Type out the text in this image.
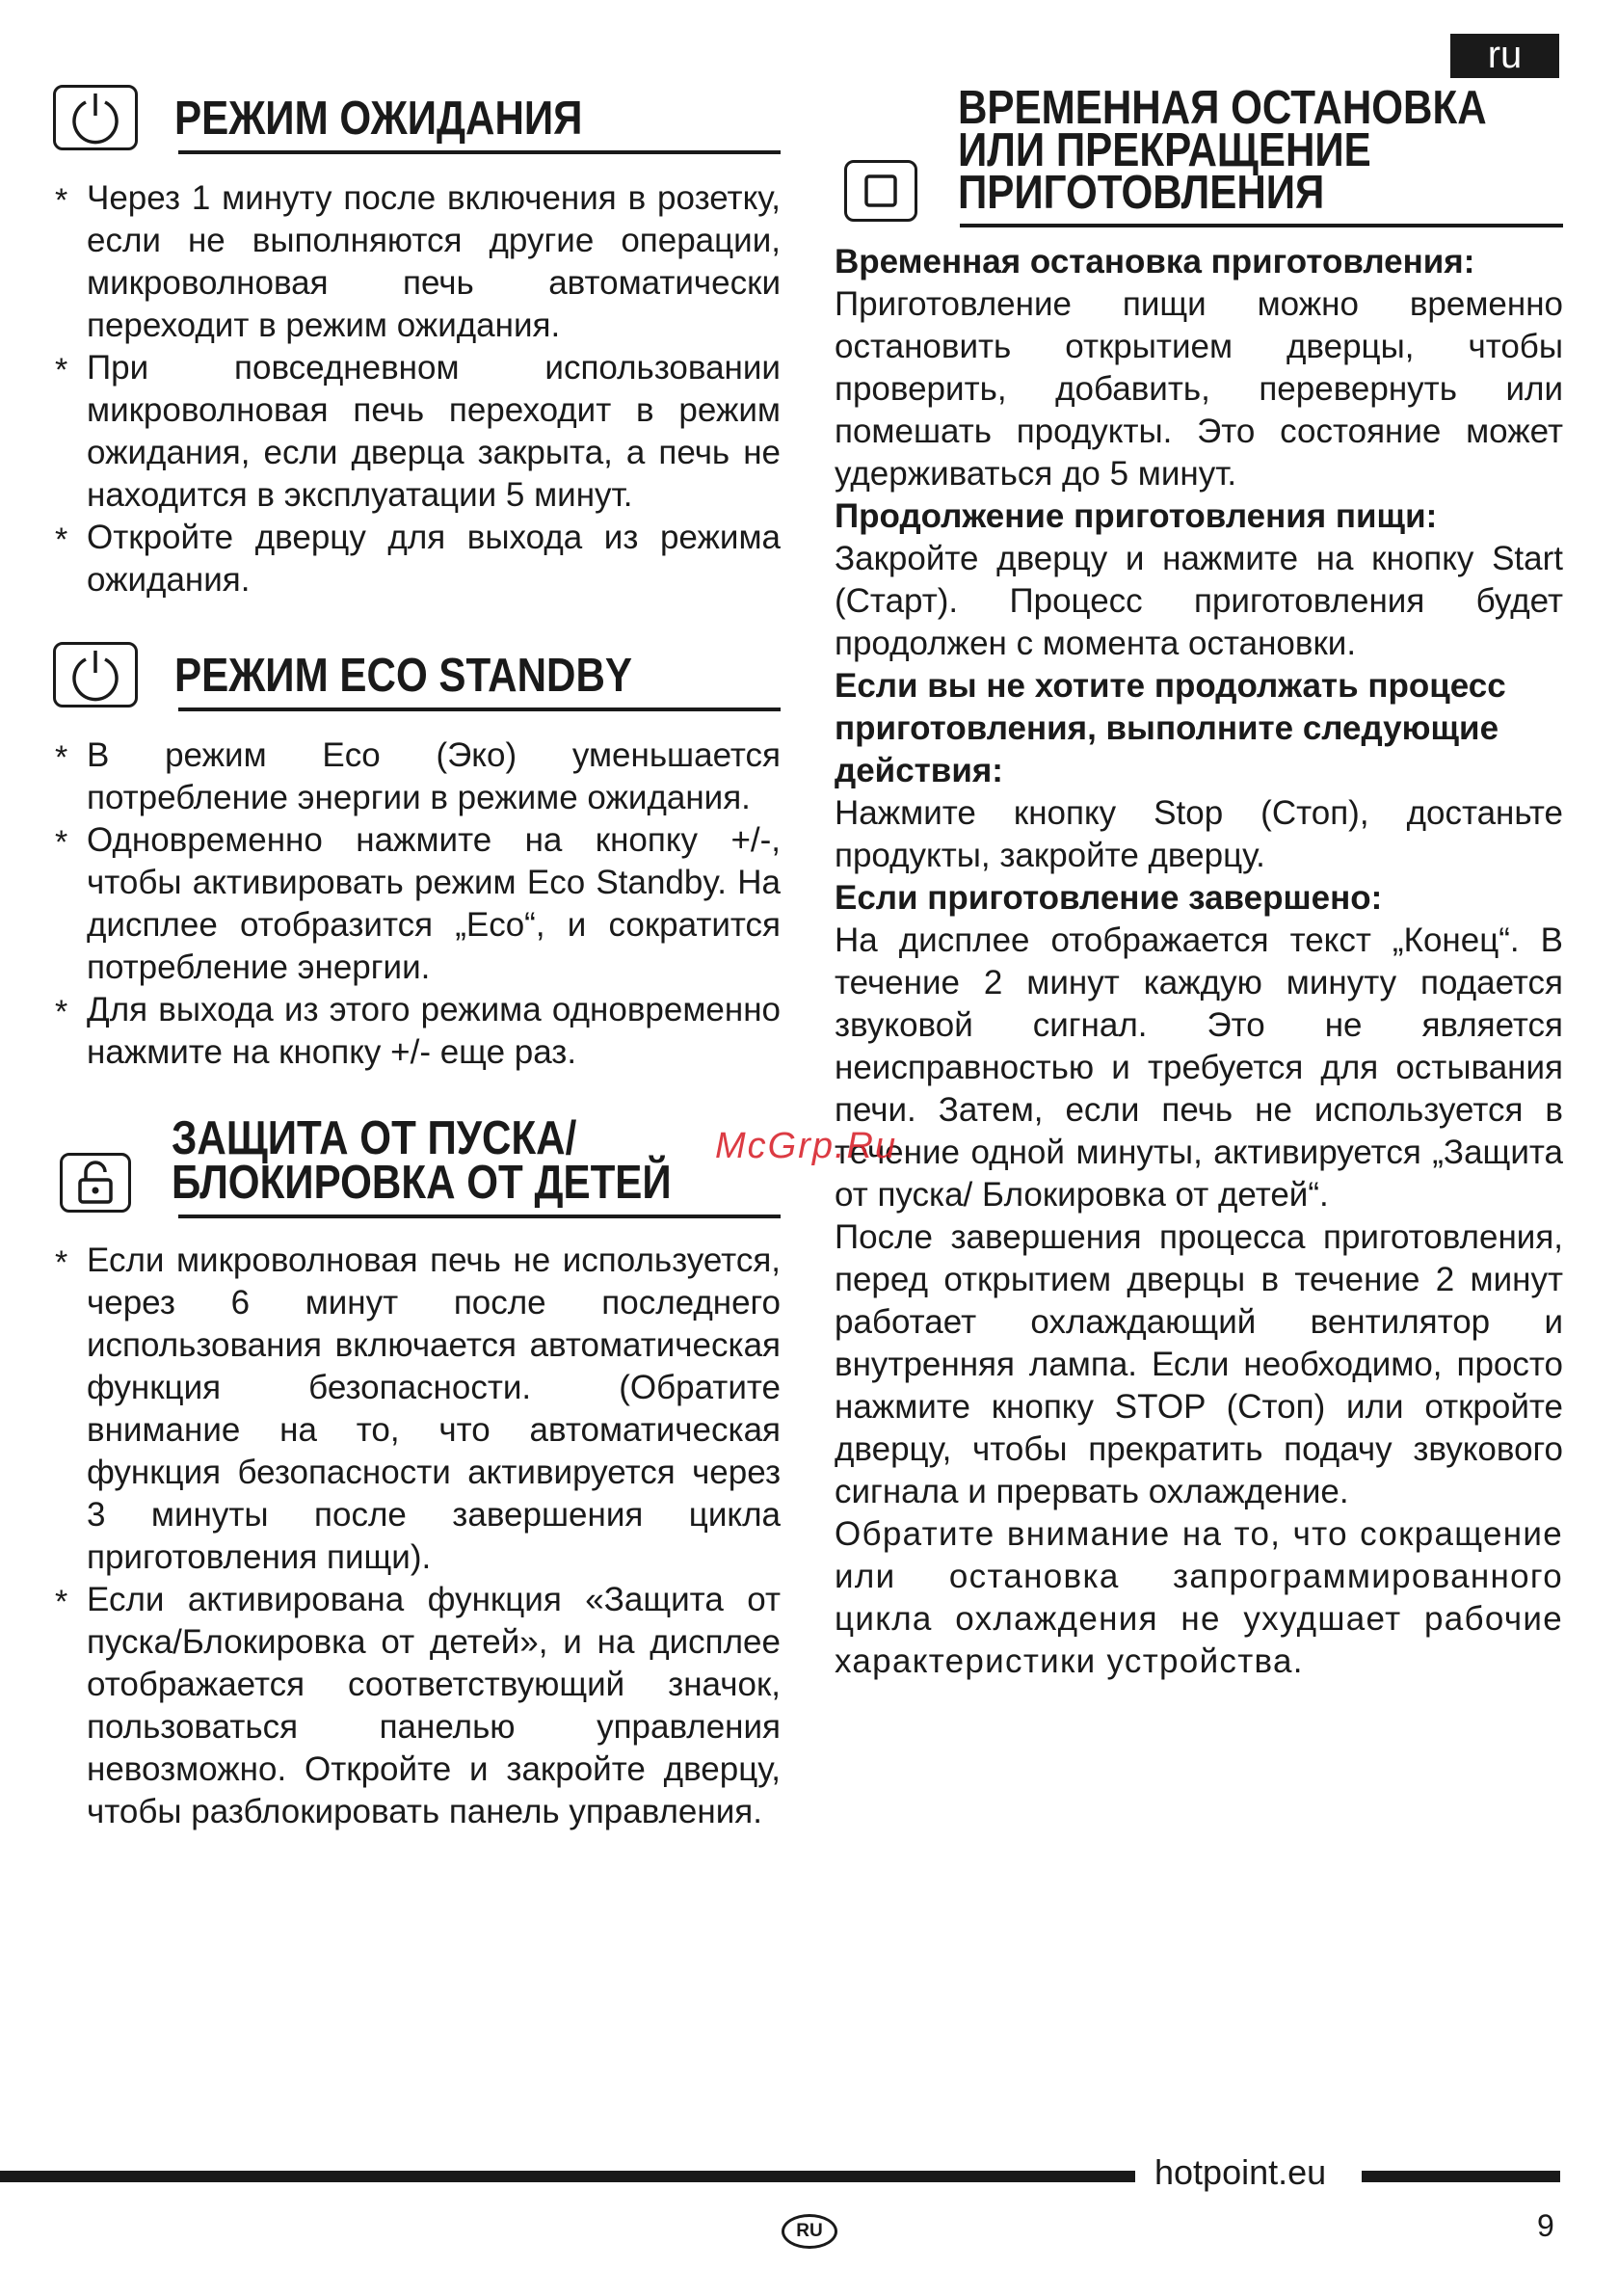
ru
РЕЖИМ ОЖИДАНИЯ
* Через 1 минуту после включения в розетку, если не выполняются другие операции, микроволновая печь автоматически переходит в режим ожидания.
* При повседневном использовании микроволновая печь переходит в режим ожидания, если дверца закрыта, а печь не находится в эксплуатации 5 минут.
* Откройте дверцу для выхода из режима ожидания.
РЕЖИМ ECO STANDBY
* В режим Eco (Эко) уменьшается потребление энергии в режиме ожидания.
* Одновременно нажмите на кнопку +/-, чтобы активировать режим Eco Standby. На дисплее отобразится „Eco“, и сократится потребление энергии.
* Для выхода из этого режима одновременно нажмите на кнопку +/- еще раз.
ЗАЩИТА ОТ ПУСКА/
БЛОКИРОВКА ОТ ДЕТЕЙ
* Если микроволновая печь не используется, через 6 минут после последнего использования включается автоматическая функция безопасности. (Обратите внимание на то, что автоматическая функция безопасности активируется через 3 минуты после завершения цикла приготовления пищи).
* Если активирована функция «Защита от пуска/Блокировка от детей», и на дисплее отображается соответствующий значок, пользоваться панелью управления невозможно. Откройте и закройте дверцу, чтобы разблокировать панель управления.
ВРЕМЕННАЯ ОСТАНОВКА
ИЛИ ПРЕКРАЩЕНИЕ
ПРИГОТОВЛЕНИЯ

Временная остановка приготовления:

Приготовление пищи можно временно остановить открытием дверцы, чтобы проверить, добавить, перевернуть или помешать продукты. Это состояние может удерживаться до 5 минут.

Продолжение приготовления пищи:

Закройте дверцу и нажмите на кнопку Start (Старт). Процесс приготовления будет продолжен с момента остановки.

Если вы не хотите продолжать процесс приготовления, выполните следующие действия:

Нажмите кнопку Stop (Стоп), достаньте продукты, закройте дверцу.

Если приготовление завершено:

На дисплее отображается текст „Конец“. В течение 2 минут каждую минуту подается звуковой сигнал. Это не является неисправностью и требуется для остывания печи. Затем, если печь не используется в течение одной минуты, активируется „Защита от пуска/ Блокировка от детей“.

После завершения процесса приготовления, перед открытием дверцы в течение 2 минут работает охлаждающий вентилятор и внутренняя лампа. Если необходимо, просто нажмите кнопку STOP (Стоп) или откройте дверцу, чтобы прекратить подачу звукового сигнала и прервать охлаждение.

Обратите внимание на то, что сокращение или остановка запрограммированного цикла охлаждения не ухудшает рабочие характеристики устройства.

McGrp.Ru
hotpoint.eu
RU	9
